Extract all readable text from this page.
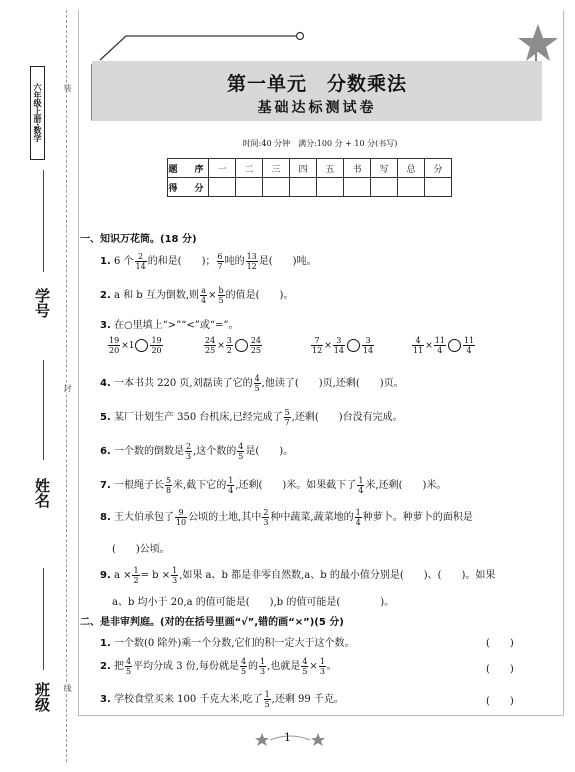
六年级上册·数学	装
封
线
学号
姓名
班级
第一单元　分数乘法
基础达标测试卷
时间:40 分钟　满分:100 分 + 10 分(书写)
题　序	一	二	三	四	五	书	写	总	分
得　分									
一、知识万花筒。(18 分)
1. 6 个 $\frac{2}{14}$ 的和是(　　)； $\frac{6}{7}$ 吨的 $\frac{13}{12}$ 是(　　)吨。
2. a 和 b 互为倒数,则 $\frac{a}{4} \times \frac{b}{5}$ 的值是(　　)。
3. 在○里填上“>”“<”或“=”。
$\frac{19}{20} \times 1 \frac{19}{20}$	$\frac{24}{25} \times \frac{3}{2} \frac{24}{25}$	$\frac{7}{12} \times \frac{3}{14} \frac{3}{14}$	$\frac{4}{11} \times \frac{11}{4} \frac{11}{4}$
4. 一本书共 220 页,刘磊读了它的 $\frac{4}{5}$ ,他读了(　　)页,还剩(　　)页。
5. 某厂计划生产 350 台机床,已经完成了 $\frac{5}{7}$ ,还剩(　　)台没有完成。
6. 一个数的倒数是 $\frac{2}{3}$ ,这个数的 $\frac{4}{5}$ 是(　　)。
7. 一根绳子长 $\frac{5}{8}$ 米,截下它的 $\frac{1}{4}$ ,还剩(　　)米。如果截下了 $\frac{1}{4}$ 米,还剩(　　)米。
8. 王大伯承包了 $\frac{9}{10}$ 公顷的土地,其中 $\frac{2}{3}$ 种中蔬菜,蔬菜地的 $\frac{1}{4}$ 种萝卜。种萝卜的面积是
(　　)公顷。
9. $a \times \frac{1}{2} = b \times \frac{1}{3}$ ,如果 a、b 都是非零自然数,a、b 的最小值分别是(　　)、(　　)。如果
a、b 均小于 20,a 的值可能是(　　),b 的值可能是(　　　　)。
二、是非审判庭。(对的在括号里画“√”,错的画“×”)(5 分)
1. 一个数(0 除外)乘一个分数,它们的积一定大于这个数。	(　　)
2. 把 $\frac{4}{5}$ 平均分成 3 份,每份就是 $\frac{4}{5}$ 的 $\frac{1}{3}$ ,也就是 $\frac{4}{5} \times \frac{1}{3}$ 。	(　　)
3. 学校食堂买来 100 千克大米,吃了 $\frac{1}{5}$ ,还剩 99 千克。	(　　)
1
